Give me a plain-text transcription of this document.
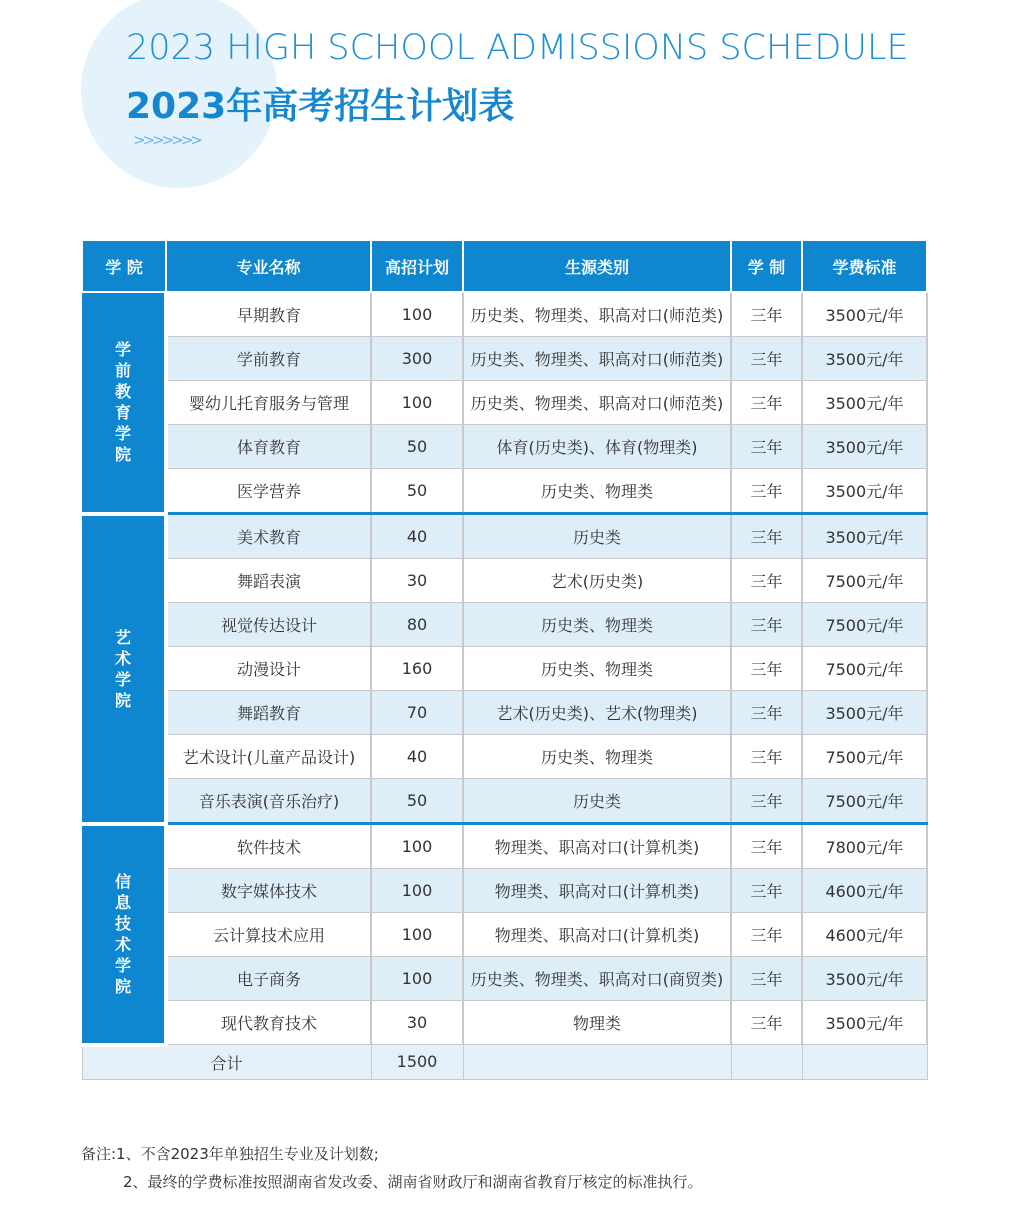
2023 HIGH SCHOOL ADMISSIONS SCHEDULE
2023年高考招生计划表
>>>>>>>
学 院	专业名称	高招计划	生源类别	学 制	学费标准
学前教育学院	早期教育	100	历史类、物理类、职高对口(师范类)	三年	3500元/年
	学前教育	300	历史类、物理类、职高对口(师范类)	三年	3500元/年
	婴幼儿托育服务与管理	100	历史类、物理类、职高对口(师范类)	三年	3500元/年
	体育教育	50	体育(历史类)、体育(物理类)	三年	3500元/年
	医学营养	50	历史类、物理类	三年	3500元/年
艺术学院	美术教育	40	历史类	三年	3500元/年
	舞蹈表演	30	艺术(历史类)	三年	7500元/年
	视觉传达设计	80	历史类、物理类	三年	7500元/年
	动漫设计	160	历史类、物理类	三年	7500元/年
	舞蹈教育	70	艺术(历史类)、艺术(物理类)	三年	3500元/年
	艺术设计(儿童产品设计)	40	历史类、物理类	三年	7500元/年
	音乐表演(音乐治疗)	50	历史类	三年	7500元/年
信息技术学院	软件技术	100	物理类、职高对口(计算机类)	三年	7800元/年
	数字媒体技术	100	物理类、职高对口(计算机类)	三年	4600元/年
	云计算技术应用	100	物理类、职高对口(计算机类)	三年	4600元/年
	电子商务	100	历史类、物理类、职高对口(商贸类)	三年	3500元/年
	现代教育技术	30	物理类	三年	3500元/年
合计		1500			
备注:1、不含2023年单独招生专业及计划数;
2、最终的学费标准按照湖南省发改委、湖南省财政厅和湖南省教育厅核定的标准执行。
